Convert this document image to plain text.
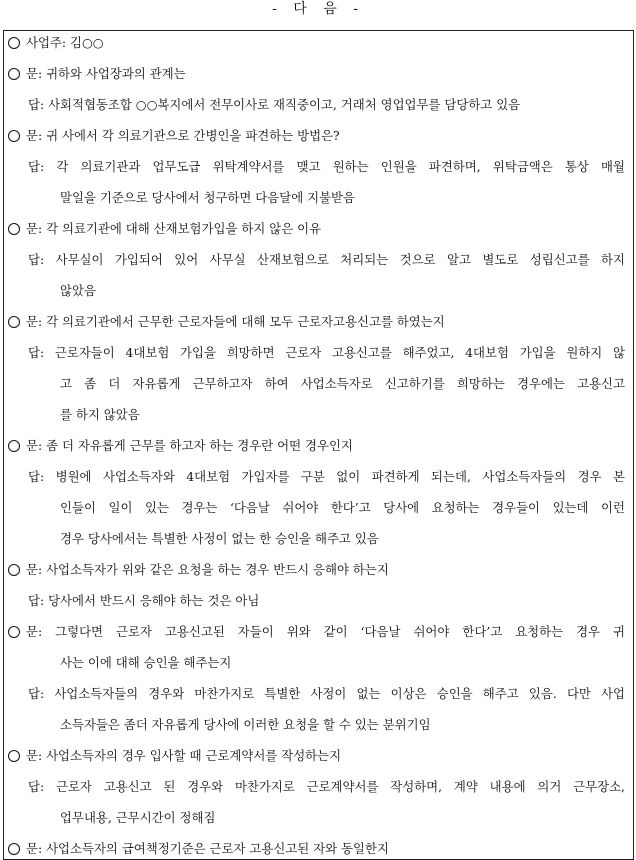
- 다 음 -
사업주: 김○○
문: 귀하와 사업장과의 관계는
답: 사회적협동조합 ○○복지에서 전무이사로 재직중이고, 거래처 영업업무를 담당하고 있음
문: 귀 사에서 각 의료기관으로 간병인을 파견하는 방법은?
답: 각 의료기관과 업무도급 위탁계약서를 맺고 원하는 인원을 파견하며, 위탁금액은 통상 매월
말일을 기준으로 당사에서 청구하면 다음달에 지불받음
문: 각 의료기관에 대해 산재보험가입을 하지 않은 이유
답: 사무실이 가입되어 있어 사무실 산재보험으로 처리되는 것으로 알고 별도로 성립신고를 하지
않았음
문: 각 의료기관에서 근무한 근로자들에 대해 모두 근로자고용신고를 하였는지
답: 근로자들이 4대보험 가입을 희망하면 근로자 고용신고를 해주었고, 4대보험 가입을 원하지 않
고 좀 더 자유롭게 근무하고자 하여 사업소득자로 신고하기를 희망하는 경우에는 고용신고
를 하지 않았음
문: 좀 더 자유롭게 근무를 하고자 하는 경우란 어떤 경우인지
답: 병원에 사업소득자와 4대보험 가입자를 구분 없이 파견하게 되는데, 사업소득자들의 경우 본
인들이 일이 있는 경우는 ‘다음날 쉬어야 한다’고 당사에 요청하는 경우들이 있는데 이런
경우 당사에서는 특별한 사정이 없는 한 승인을 해주고 있음
문: 사업소득자가 위와 같은 요청을 하는 경우 반드시 응해야 하는지
답: 당사에서 반드시 응해야 하는 것은 아님
문: 그렇다면 근로자 고용신고된 자들이 위와 같이 ‘다음날 쉬어야 한다’고 요청하는 경우 귀
사는 이에 대해 승인을 해주는지
답: 사업소득자들의 경우와 마찬가지로 특별한 사정이 없는 이상은 승인을 해주고 있음. 다만 사업
소득자들은 좀더 자유롭게 당사에 이러한 요청을 할 수 있는 분위기임
문: 사업소득자의 경우 입사할 때 근로계약서를 작성하는지
답: 근로자 고용신고 된 경우와 마찬가지로 근로계약서를 작성하며, 계약 내용에 의거 근무장소,
업무내용, 근무시간이 정해짐
문: 사업소득자의 급여책정기준은 근로자 고용신고된 자와 동일한지
